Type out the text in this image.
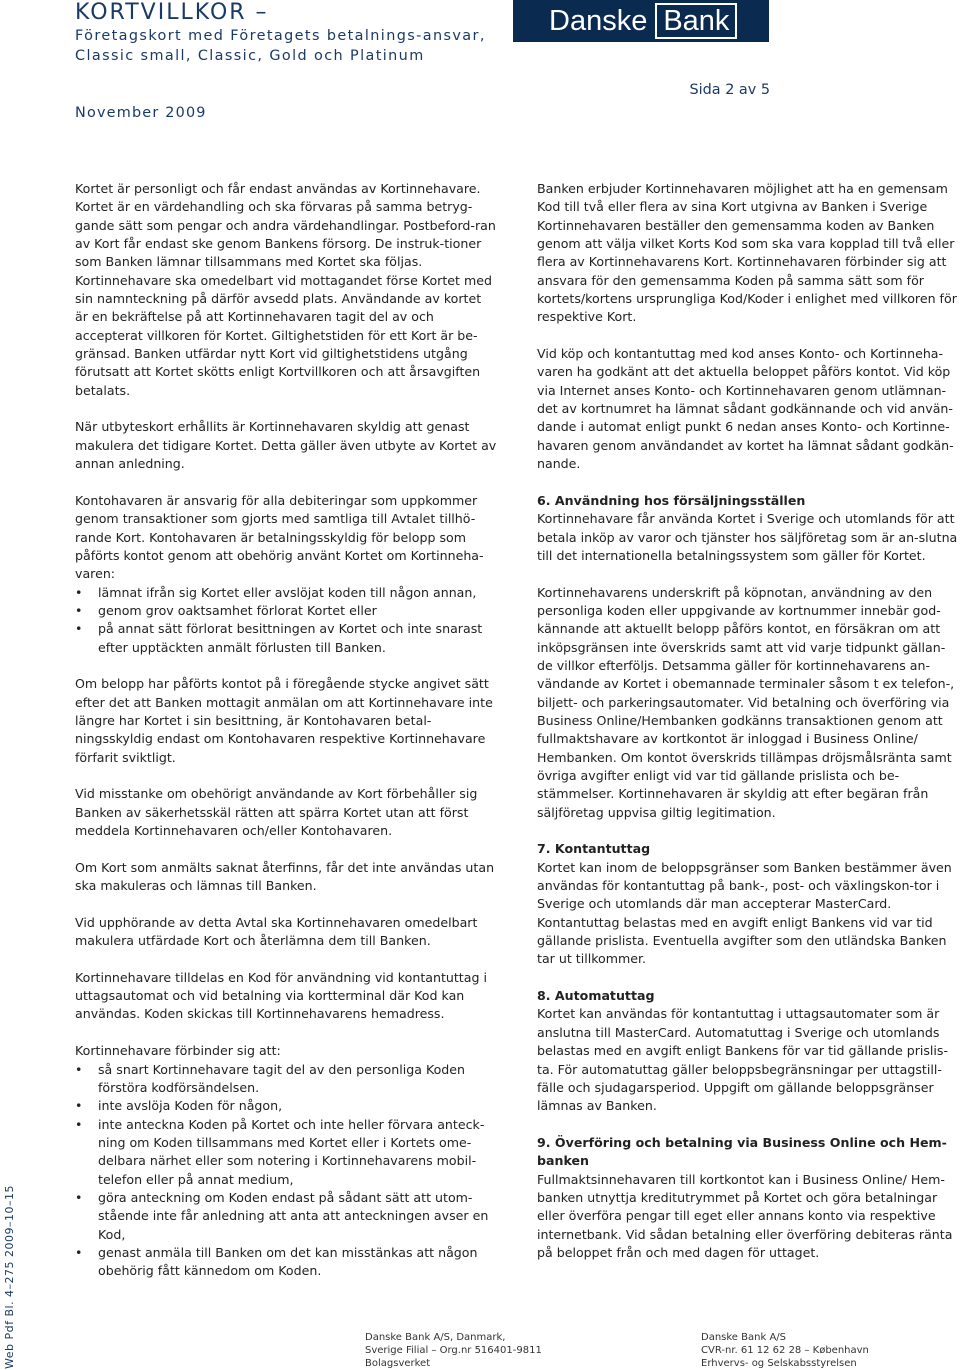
KORTVILLKOR –
Företagskort med Företagets betalnings-ansvar, Classic small, Classic, Gold och Platinum
November 2009
Sida 2 av 5
Danske Bank

Kortet är personligt och får endast användas av Kortinnehavare. Kortet är en värdehandling och ska förvaras på samma betryg-gande sätt som pengar och andra värdehandlingar. Postbeford-ran av Kort får endast ske genom Bankens försorg. De instruk-tioner som Banken lämnar tillsammans med Kortet ska följas. Kortinnehavare ska omedelbart vid mottagandet förse Kortet med sin namnteckning på därför avsedd plats. Användande av kortet är en bekräftelse på att Kortinnehavaren tagit del av och accepterat villkoren för Kortet. Giltighetstiden för ett Kort är be-gränsad. Banken utfärdar nytt Kort vid giltighetstidens utgång förutsatt att Kortet skötts enligt Kortvillkoren och att årsavgiften betalats.

När utbyteskort erhållits är Kortinnehavaren skyldig att genast makulera det tidigare Kortet. Detta gäller även utbyte av Kortet av annan anledning.

Kontohavaren är ansvarig för alla debiteringar som uppkommer genom transaktioner som gjorts med samtliga till Avtalet tillhö-rande Kort. Kontohavaren är betalningsskyldig för belopp som påförts kontot genom att obehörig använt Kortet om Kortinneha-varen:

• lämnat ifrån sig Kortet eller avslöjat koden till någon annan,
• genom grov oaktsamhet förlorat Kortet eller
• på annat sätt förlorat besittningen av Kortet och inte snarast efter upptäckten anmält förlusten till Banken.

Om belopp har påförts kontot på i föregående stycke angivet sätt efter det att Banken mottagit anmälan om att Kortinnehavare inte längre har Kortet i sin besittning, är Kontohavaren betal-ningsskyldig endast om Kontohavaren respektive Kortinnehavare förfarit sviktligt.

Vid misstanke om obehörigt användande av Kort förbehåller sig Banken av säkerhetsskäl rätten att spärra Kortet utan att först meddela Kortinnehavaren och/eller Kontohavaren.

Om Kort som anmälts saknat återfinns, får det inte användas utan ska makuleras och lämnas till Banken.

Vid upphörande av detta Avtal ska Kortinnehavaren omedelbart makulera utfärdade Kort och återlämna dem till Banken.

Kortinnehavare tilldelas en Kod för användning vid kontantuttag i uttagsautomat och vid betalning via kortterminal där Kod kan användas. Koden skickas till Kortinnehavarens hemadress.

Kortinnehavare förbinder sig att:

• så snart Kortinnehavare tagit del av den personliga Koden förstöra kodförsändelsen.
• inte avslöja Koden för någon,
• inte anteckna Koden på Kortet och inte heller förvara anteck-ning om Koden tillsammans med Kortet eller i Kortets ome-delbara närhet eller som notering i Kortinnehavarens mobil-telefon eller på annat medium,
• göra anteckning om Koden endast på sådant sätt att utom-stående inte får anledning att anta att anteckningen avser en Kod,
• genast anmäla till Banken om det kan misstänkas att någon obehörig fått kännedom om Koden.

Banken erbjuder Kortinnehavaren möjlighet att ha en gemensam Kod till två eller flera av sina Kort utgivna av Banken i Sverige Kortinnehavaren beställer den gemensamma koden av Banken genom att välja vilket Korts Kod som ska vara kopplad till två eller flera av Kortinnehavarens Kort. Kortinnehavaren förbinder sig att ansvara för den gemensamma Koden på samma sätt som för kortets/kortens ursprungliga Kod/Koder i enlighet med villkoren för respektive Kort.

Vid köp och kontantuttag med kod anses Konto- och Kortinneha-varen ha godkänt att det aktuella beloppet påförs kontot. Vid köp via Internet anses Konto- och Kortinnehavaren genom utlämnan-det av kortnumret ha lämnat sådant godkännande och vid använ-dande i automat enligt punkt 6 nedan anses Konto- och Kortinne-havaren genom användandet av kortet ha lämnat sådant godkän-nande.

6. Användning hos försäljningsställen

Kortinnehavare får använda Kortet i Sverige och utomlands för att betala inköp av varor och tjänster hos säljföretag som är an-slutna till det internationella betalningssystem som gäller för Kortet.

Kortinnehavarens underskrift på köpnotan, användning av den personliga koden eller uppgivande av kortnummer innebär god-kännande att aktuellt belopp påförs kontot, en försäkran om att inköpsgränsen inte överskrids samt att vid varje tidpunkt gällan-de villkor efterföljs. Detsamma gäller för kortinnehavarens an-vändande av Kortet i obemannade terminaler såsom t ex telefon-, biljett- och parkeringsautomater. Vid betalning och överföring via Business Online/Hembanken godkänns transaktionen genom att fullmaktshavare av kortkontot är inloggad i Business Online/ Hembanken. Om kontot överskrids tillämpas dröjsmålsränta samt övriga avgifter enligt vid var tid gällande prislista och be-stämmelser. Kortinnehavaren är skyldig att efter begäran från säljföretag uppvisa giltig legitimation.

7. Kontantuttag

Kortet kan inom de beloppsgränser som Banken bestämmer även användas för kontantuttag på bank-, post- och växlingskon-tor i Sverige och utomlands där man accepterar MasterCard. Kontantuttag belastas med en avgift enligt Bankens vid var tid gällande prislista. Eventuella avgifter som den utländska Banken tar ut tillkommer.

8. Automatuttag

Kortet kan användas för kontantuttag i uttagsautomater som är anslutna till MasterCard. Automatuttag i Sverige och utomlands belastas med en avgift enligt Bankens för var tid gällande prislis-ta. För automatuttag gäller beloppsbegränsningar per uttagstill-fälle och sjudagarsperiod. Uppgift om gällande beloppsgränser lämnas av Banken.

9. Överföring och betalning via Business Online och Hem-banken

Fullmaktsinnehavaren till kortkontot kan i Business Online/ Hem-banken utnyttja kreditutrymmet på Kortet och göra betalningar eller överföra pengar till eget eller annans konto via respektive internetbank. Vid sådan betalning eller överföring debiteras ränta på beloppet från och med dagen för uttaget.

Web Pdf Bl. 4–275 2009–10–15	Danske Bank A/S, Danmark,
Sverige Filial – Org.nr 516401-9811
Bolagsverket
Danske Bank A/S
CVR-nr. 61 12 62 28 – København
Erhvervs- og Selskabsstyrelsen
